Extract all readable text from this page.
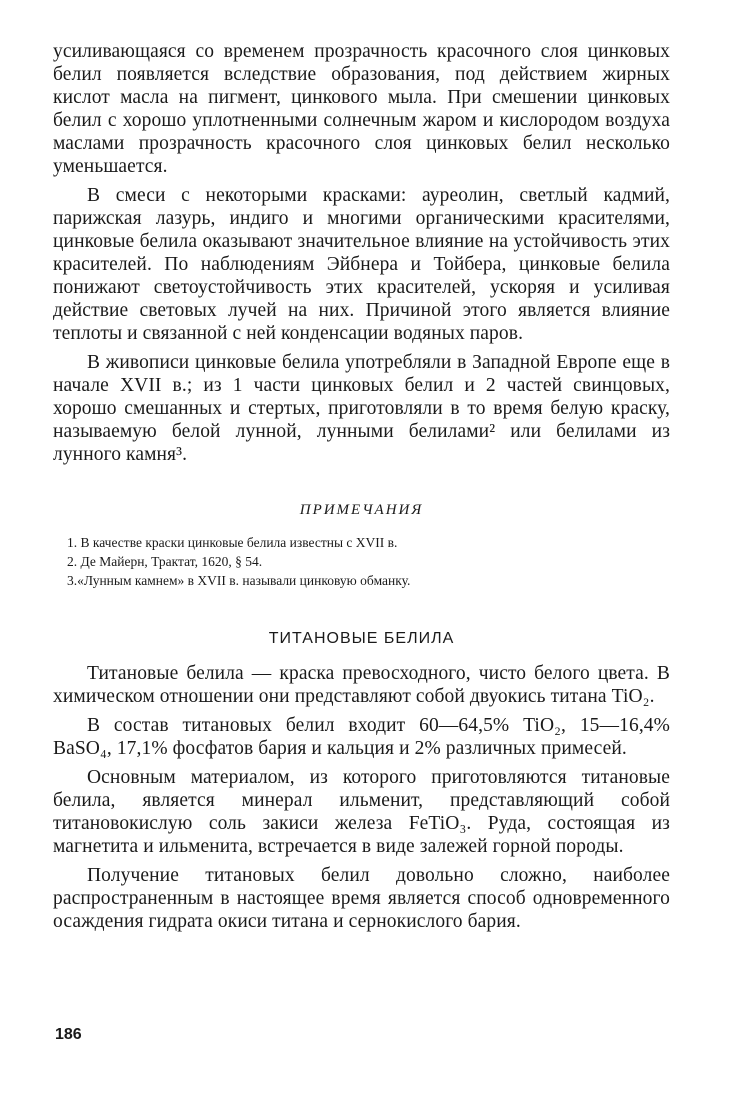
усиливающаяся со временем прозрачность красочного слоя цинковых белил появляется вследствие образования, под действием жирных кислот масла на пигмент, цинкового мыла. При смешении цинковых белил с хорошо уплотненными солнечным жаром и кислородом воздуха маслами прозрачность красочного слоя цинковых белил несколько уменьшается.

В смеси с некоторыми красками: ауреолин, светлый кадмий, парижская лазурь, индиго и многими органическими красителями, цинковые белила оказывают значительное влияние на устойчивость этих красителей. По наблюдениям Эйбнера и Тойбера, цинковые белила понижают светоустойчивость этих красителей, ускоряя и усиливая действие световых лучей на них. Причиной этого является влияние теплоты и связанной с ней конденсации водяных паров.

В живописи цинковые белила употребляли в Западной Европе еще в начале XVII в.; из 1 части цинковых белил и 2 частей свинцовых, хорошо смешанных и стертых, приготовляли в то время белую краску, называемую белой лунной, лунными белилами² или белилами из лунного камня³.

ПРИМЕЧАНИЯ
1. В качестве краски цинковые белила известны с XVII в.
2. Де Майерн, Трактат, 1620, § 54.
3.«Лунным камнем» в XVII в. называли цинковую обманку.
ТИТАНОВЫЕ БЕЛИЛА

Титановые белила — краска превосходного, чисто белого цвета. В химическом отношении они представляют собой двуокись титана TiO₂.

В состав титановых белил входит 60—64,5% TiO₂, 15—16,4% BaSO₄, 17,1% фосфатов бария и кальция и 2% различных примесей.

Основным материалом, из которого приготовляются титановые белила, является минерал ильменит, представляющий собой титановокислую соль закиси железа FeTiO₃. Руда, состоящая из магнетита и ильменита, встречается в виде залежей горной породы.

Получение титановых белил довольно сложно, наиболее распространенным в настоящее время является способ одновременного осаждения гидрата окиси титана и сернокислого бария.

186
